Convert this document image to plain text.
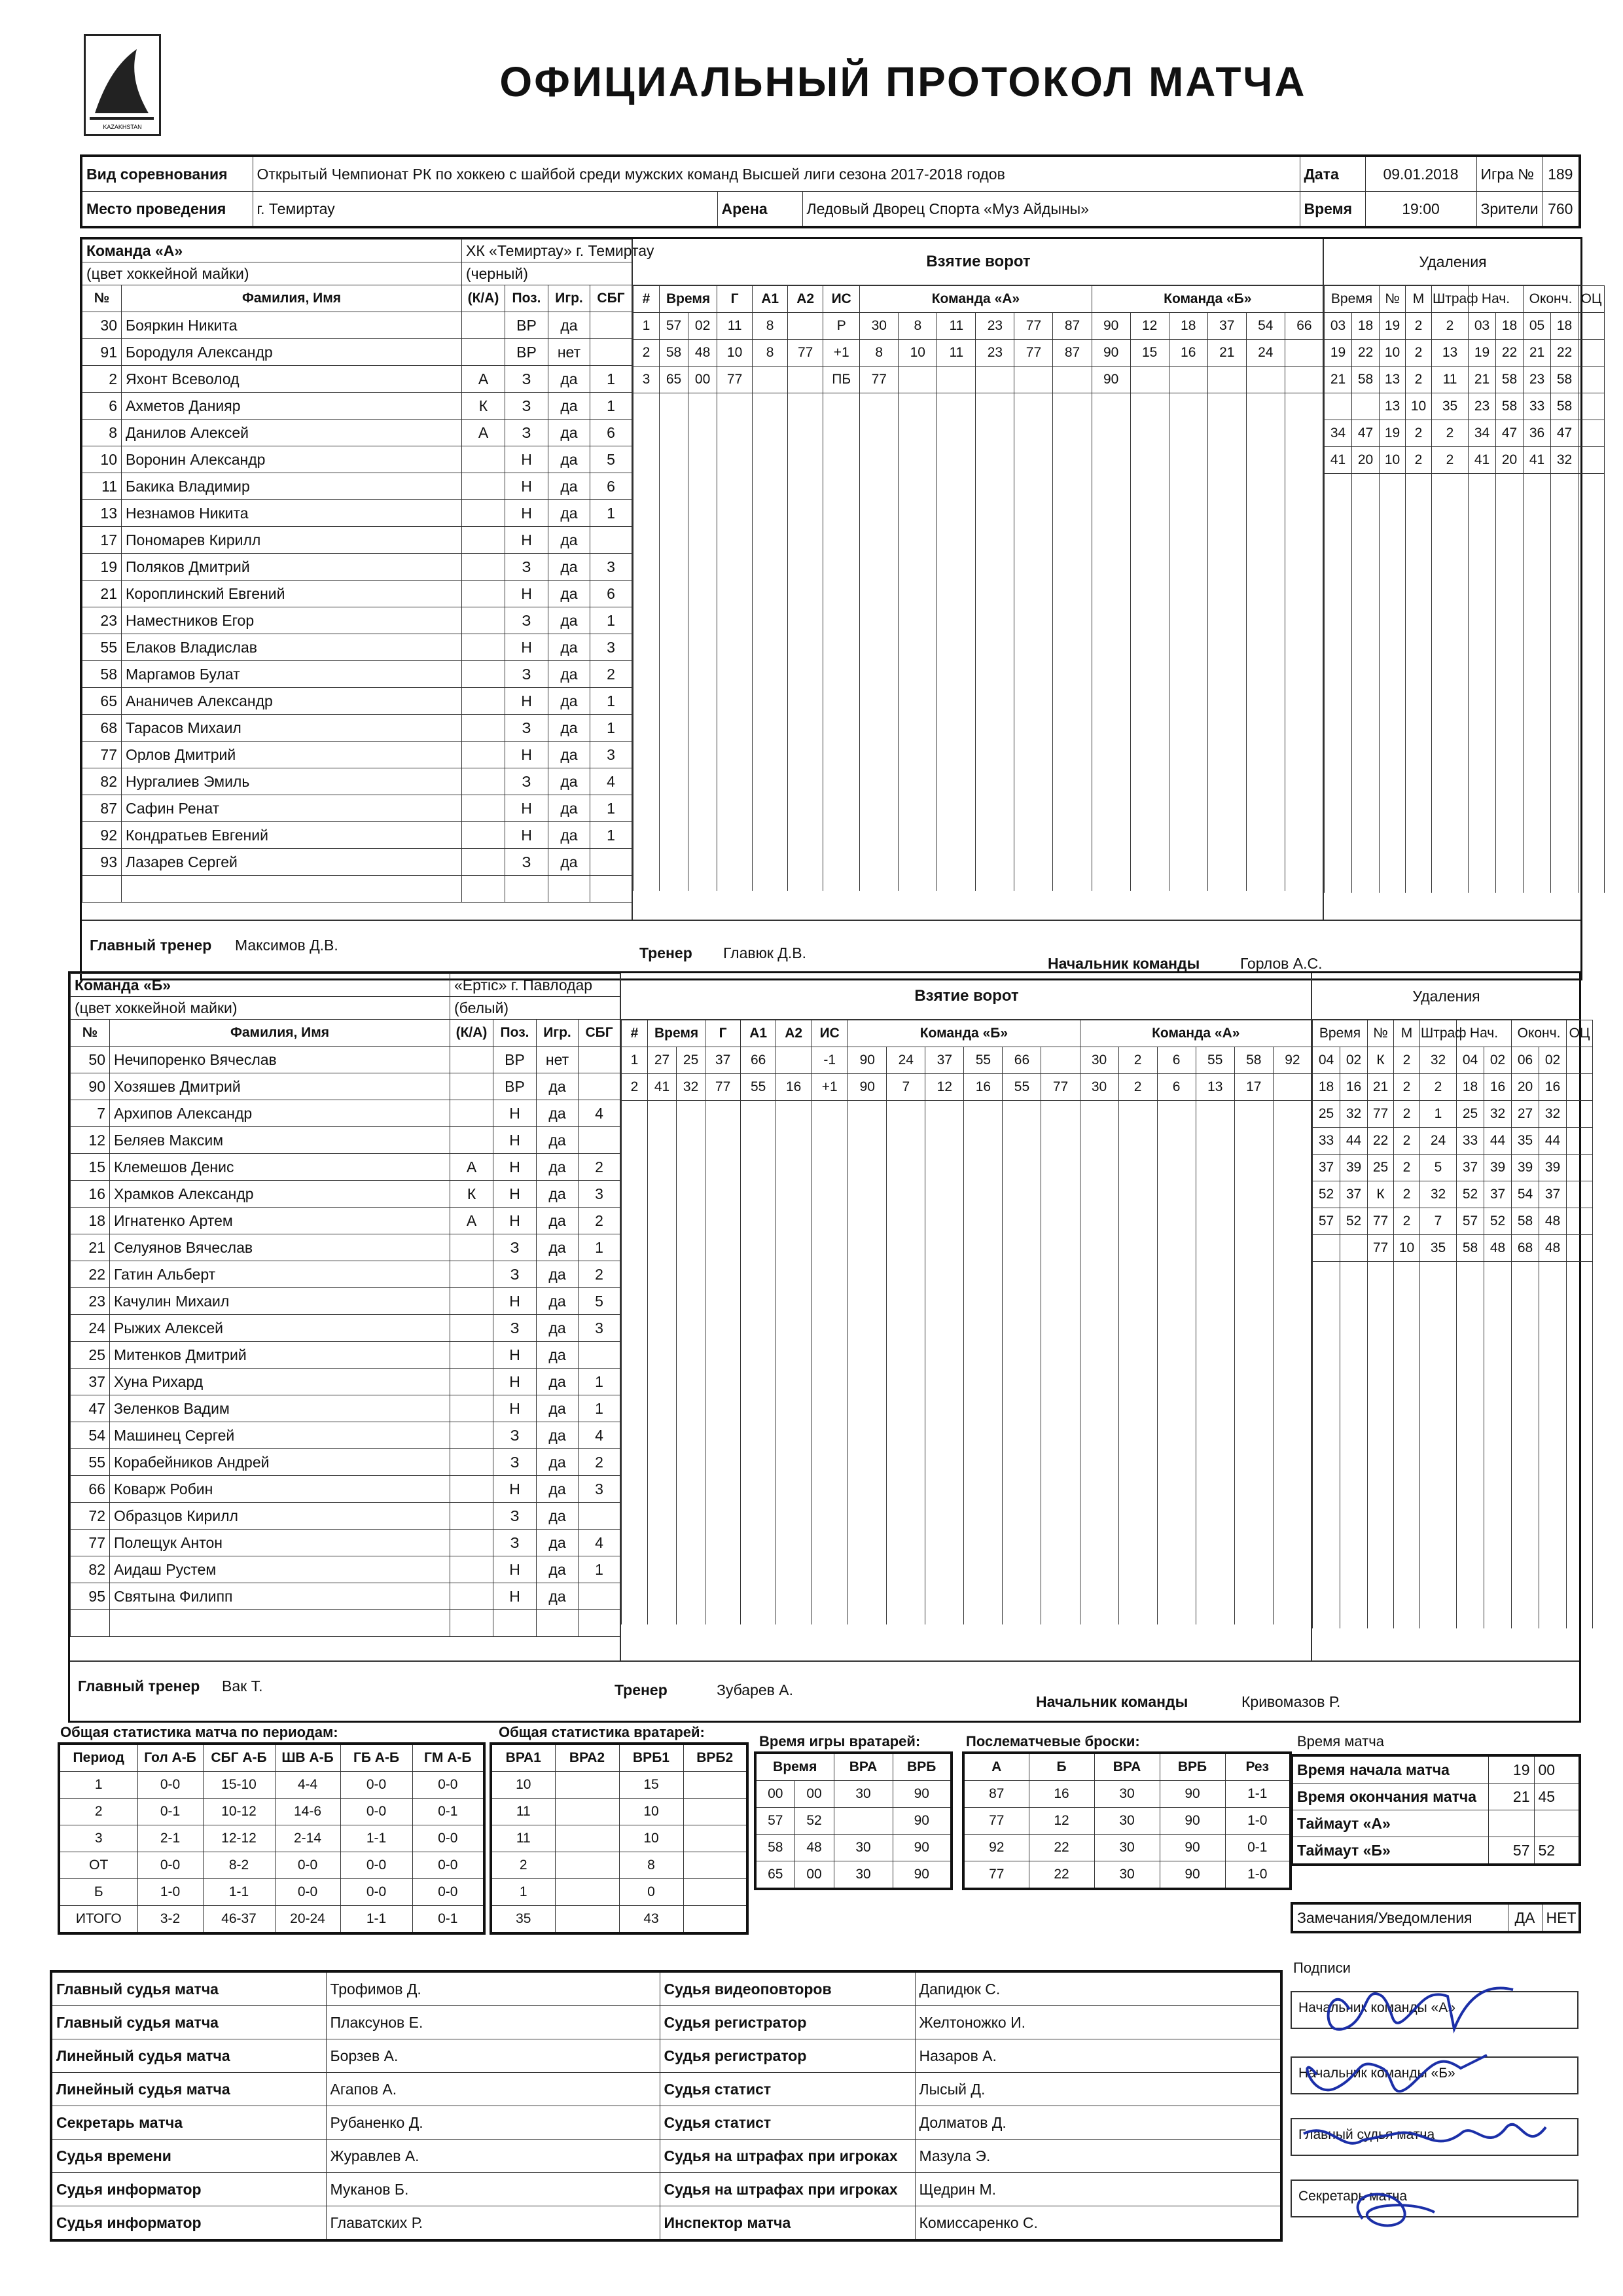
KAZAKHSTAN
ОФИЦИАЛЬНЫЙ ПРОТОКОЛ МАТЧА
Вид соревнования	Открытый Чемпионат РК по хоккею с шайбой среди мужских команд Высшей лиги сезона 2017-2018 годов			Дата	09.01.2018	Игра №	189
Место проведения	г. Темиртау	Арена	Ледовый Дворец Спорта «Муз Айдыны»	Время	19:00	Зрители	760
Команда «А»		ХК «Темиртау» г. Темиртау			
(цвет хоккейной майки)		(черный)			
№	Фамилия, Имя	(К/А)	Поз.	Игр.	СБГ
30	Бояркин Никита		ВР	да	
91	Бородуля Александр		ВР	нет	
2	Яхонт Всеволод	А	З	да	1
6	Ахметов Данияр	К	З	да	1
8	Данилов Алексей	А	З	да	6
10	Воронин Александр		Н	да	5
11	Бакика Владимир		Н	да	6
13	Незнамов Никита		Н	да	1
17	Пономарев Кирилл		Н	да	
19	Поляков Дмитрий		З	да	3
21	Короплинский Евгений		Н	да	6
23	Наместников Егор		З	да	1
55	Елаков Владислав		Н	да	3
58	Маргамов Булат		З	да	2
65	Ананичев Александр		Н	да	1
68	Тарасов Михаил		З	да	1
77	Орлов Дмитрий		Н	да	3
82	Нургалиев Эмиль		З	да	4
87	Сафин Ренат		Н	да	1
92	Кондратьев Евгений		Н	да	1
93	Лазарев Сергей		З	да	

Взятие ворот
#	Время		Г	А1	А2	ИС	Команда «А»						Команда «Б»					
1	57	02	11	8		Р	30	8	11	23	77	87	90	12	18	37	54	66
2	58	48	10	8	77	+1	8	10	11	23	77	87	90	15	16	21	24	
3	65	00	77			ПБ	77						90					

Удаления
Время		№	М	Штраф	Нач.		Оконч.		ОЦ
03	18	19	2	2	03	18	05	18	
19	22	10	2	13	19	22	21	22	
21	58	13	2	11	21	58	23	58	
		13	10	35	23	58	33	58	
34	47	19	2	2	34	47	36	47	
41	20	10	2	2	41	20	41	32	

Главный тренер Максимов Д.В.	Тренер Главюк Д.В.
Начальник команды	Горлов А.С.
Команда «Б»		«Ертіс» г. Павлодар			
(цвет хоккейной майки)		(белый)			
№	Фамилия, Имя	(К/А)	Поз.	Игр.	СБГ
50	Нечипоренко Вячеслав		ВР	нет	
90	Хозяшев Дмитрий		ВР	да	
7	Архипов Александр		Н	да	4
12	Беляев Максим		Н	да	
15	Клемешов Денис	А	Н	да	2
16	Храмков Александр	К	Н	да	3
18	Игнатенко Артем	А	Н	да	2
21	Селуянов Вячеслав		З	да	1
22	Гатин Альберт		З	да	2
23	Качулин Михаил		Н	да	5
24	Рыжих Алексей		З	да	3
25	Митенков Дмитрий		Н	да	
37	Хуна Рихард		Н	да	1
47	Зеленков Вадим		Н	да	1
54	Машинец Сергей		З	да	4
55	Корабейников Андрей		З	да	2
66	Коварж Робин		Н	да	3
72	Образцов Кирилл		З	да	
77	Полещук Антон		З	да	4
82	Аидаш Рустем		Н	да	1
95	Святына Филипп		Н	да	

Взятие ворот
#	Время		Г	А1	А2	ИС	Команда «Б»						Команда «А»					
1	27	25	37	66		-1	90	24	37	55	66		30	2	6	55	58	92
2	41	32	77	55	16	+1	90	7	12	16	55	77	30	2	6	13	17	

Удаления
Время		№	М	Штраф	Нач.		Оконч.		ОЦ
04	02	К	2	32	04	02	06	02	
18	16	21	2	2	18	16	20	16	
25	32	77	2	1	25	32	27	32	
33	44	22	2	24	33	44	35	44	
37	39	25	2	5	37	39	39	39	
52	37	К	2	32	52	37	54	37	
57	52	77	2	7	57	52	58	48	
		77	10	35	58	48	68	48	

Главный тренер Вак Т.	Тренер	Зубарев А.
Начальник команды	Кривомазов Р.
Общая статистика матча по периодам:
Период	Гол А-Б	СБГ А-Б	ШВ А-Б	ГБ А-Б	ГМ А-Б
1	0-0	15-10	4-4	0-0	0-0
2	0-1	10-12	14-6	0-0	0-1
3	2-1	12-12	2-14	1-1	0-0
ОТ	0-0	8-2	0-0	0-0	0-0
Б	1-0	1-1	0-0	0-0	0-0
ИТОГО	3-2	46-37	20-24	1-1	0-1
Общая статистика вратарей:
ВРА1	ВРА2	ВРБ1	ВРБ2
10		15	
11		10	
11		10	
2		8	
1		0	
35		43	
Время игры вратарей:
Время		ВРА	ВРБ
00	00	30	90
57	52		90
58	48	30	90
65	00	30	90
Послематчевые броски:
А	Б	ВРА	ВРБ	Рез
87	16	30	90	1-1
77	12	30	90	1-0
92	22	30	90	0-1
77	22	30	90	1-0
Время матча
Время начала матча	19	00
Время окончания матча	21	45
Таймаут «А»		
Таймаут «Б»	57	52
Замечания/Уведомления	ДА	НЕТ
Главный судья матча	Трофимов Д.	Судья видеоповторов	Дапидюк С.
Главный судья матча	Плаксунов Е.	Судья регистратор	Желтоножко И.
Линейный судья матча	Борзев А.	Судья регистратор	Назаров А.
Линейный судья матча	Агапов А.	Судья статист	Лысый Д.
Секретарь матча	Рубаненко Д.	Судья статист	Долматов Д.
Судья времени	Журавлев А.	Судья на штрафах при игроках	Мазула Э.
Судья информатор	Муканов Б.	Судья на штрафах при игроках	Щедрин М.
Судья информатор	Главатских Р.	Инспектор матча	Комиссаренко С.
Подписи
Начальник команды «А»
Начальник команды «Б»
Главный судья матча
Секретарь матча
